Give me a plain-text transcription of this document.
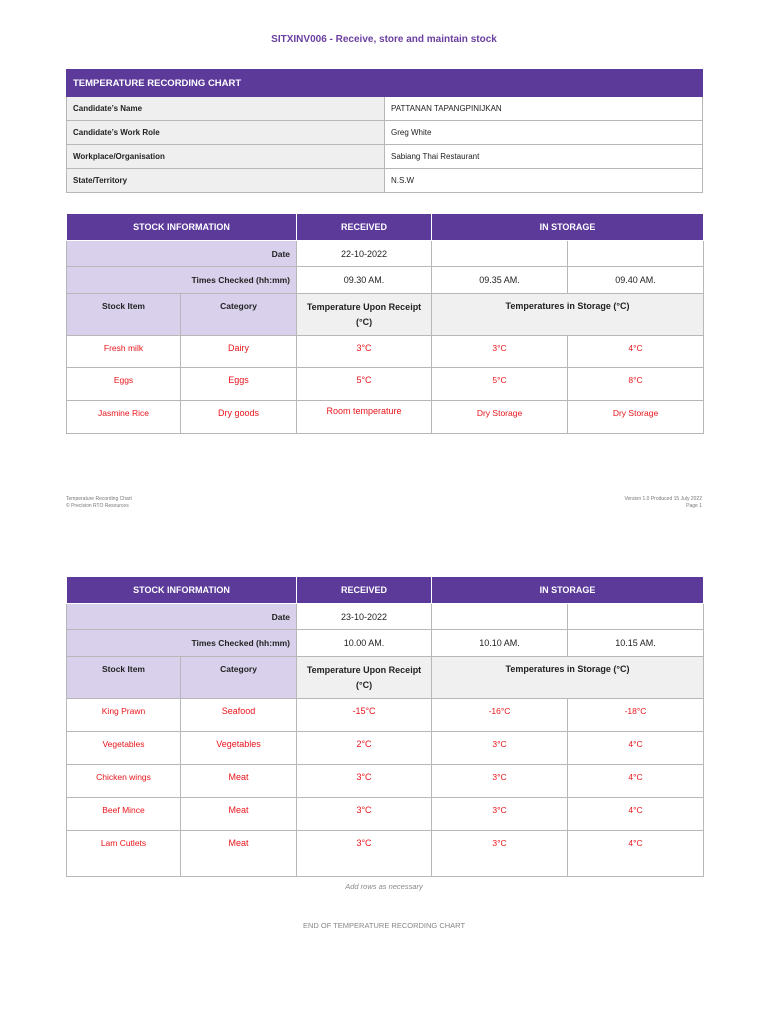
SITXINV006 - Receive, store and maintain stock
TEMPERATURE RECORDING CHART	
Candidate’s Name	PATTANAN TAPANGPINIJKAN
Candidate’s Work Role	Greg White
Workplace/Organisation	Sabiang Thai Restaurant
State/Territory	N.S.W
STOCK INFORMATION		RECEIVED	IN STORAGE	
Date		22-10-2022		
Times Checked (hh:mm)		09.30 AM.	09.35 AM.	09.40 AM.
Stock Item	Category	Temperature Upon Receipt (°C)	Temperatures in Storage (°C)	
Fresh milk	Dairy	3°C	3°C	4°C
Eggs	Eggs	5°C	5°C	8°C
Jasmine Rice	Dry goods	Room temperature	Dry Storage	Dry Storage
Temperature Recording Chart
© Precision RTO Resources
Version 1.0 Produced 15 July 2022
Page 1
STOCK INFORMATION		RECEIVED	IN STORAGE	
Date		23-10-2022		
Times Checked (hh:mm)		10.00 AM.	10.10 AM.	10.15 AM.
Stock Item	Category	Temperature Upon Receipt (°C)	Temperatures in Storage (°C)	
King Prawn	Seafood	-15°C	-16°C	-18°C
Vegetables	Vegetables	2°C	3°C	4°C
Chicken wings	Meat	3°C	3°C	4°C
Beef Mince	Meat	3°C	3°C	4°C
Lam Cutlets	Meat	3°C	3°C	4°C
Add rows as necessary
END OF TEMPERATURE RECORDING CHART
